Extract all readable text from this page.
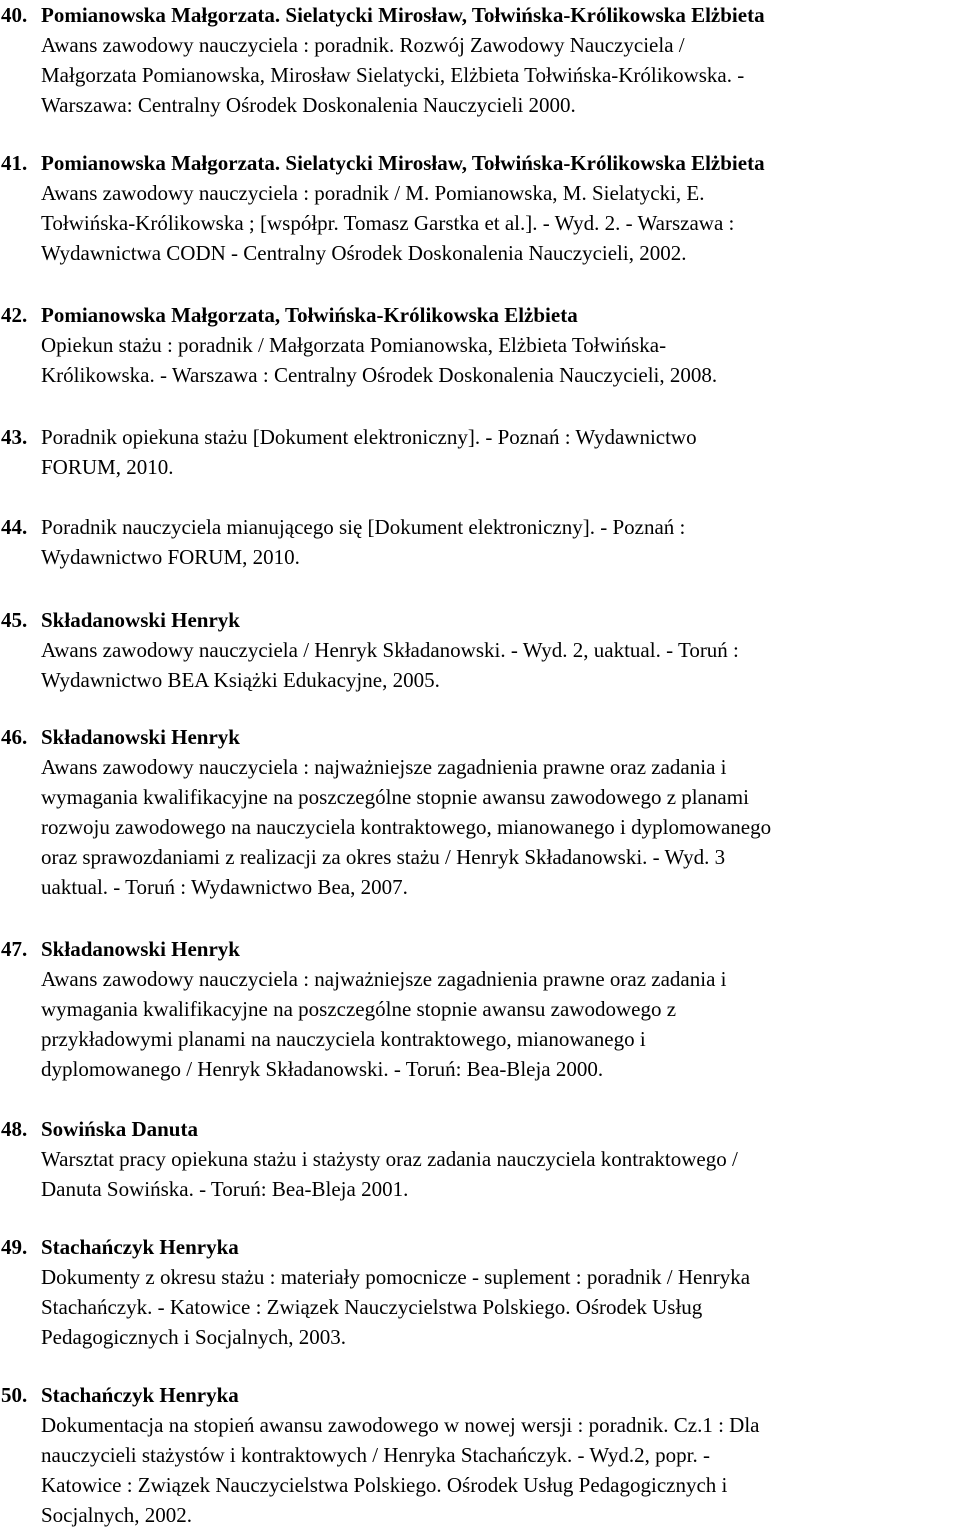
40. Pomianowska Małgorzata. Sielatycki Mirosław, Tołwińska-Królikowska Elżbieta
Awans zawodowy nauczyciela : poradnik. Rozwój Zawodowy Nauczyciela /
Małgorzata Pomianowska, Mirosław Sielatycki, Elżbieta Tołwińska-Królikowska. -
Warszawa: Centralny Ośrodek Doskonalenia Nauczycieli 2000.
41. Pomianowska Małgorzata. Sielatycki Mirosław, Tołwińska-Królikowska Elżbieta
Awans zawodowy nauczyciela : poradnik / M. Pomianowska, M. Sielatycki, E.
Tołwińska-Królikowska ; [współpr. Tomasz Garstka et al.]. - Wyd. 2. - Warszawa :
Wydawnictwa CODN - Centralny Ośrodek Doskonalenia Nauczycieli, 2002.
42. Pomianowska Małgorzata, Tołwińska-Królikowska Elżbieta
Opiekun stażu : poradnik / Małgorzata Pomianowska, Elżbieta Tołwińska-
Królikowska. - Warszawa : Centralny Ośrodek Doskonalenia Nauczycieli, 2008.
43. Poradnik opiekuna stażu [Dokument elektroniczny]. - Poznań : Wydawnictwo
FORUM, 2010.
44. Poradnik nauczyciela mianującego się [Dokument elektroniczny]. - Poznań :
Wydawnictwo FORUM, 2010.
45. Składanowski Henryk
Awans zawodowy nauczyciela / Henryk Składanowski. - Wyd. 2, uaktual. - Toruń :
Wydawnictwo BEA Książki Edukacyjne, 2005.
46. Składanowski Henryk
Awans zawodowy nauczyciela : najważniejsze zagadnienia prawne oraz zadania i
wymagania kwalifikacyjne na poszczególne stopnie awansu zawodowego z planami
rozwoju zawodowego na nauczyciela kontraktowego, mianowanego i dyplomowanego
oraz sprawozdaniami z realizacji za okres stażu / Henryk Składanowski. - Wyd. 3
uaktual. - Toruń : Wydawnictwo Bea, 2007.
47. Składanowski Henryk
Awans zawodowy nauczyciela : najważniejsze zagadnienia prawne oraz zadania i
wymagania kwalifikacyjne na poszczególne stopnie awansu zawodowego z
przykładowymi planami na nauczyciela kontraktowego, mianowanego i
dyplomowanego / Henryk Składanowski. - Toruń: Bea-Bleja 2000.
48. Sowińska Danuta
Warsztat pracy opiekuna stażu i stażysty oraz zadania nauczyciela kontraktowego /
Danuta Sowińska. - Toruń: Bea-Bleja 2001.
49. Stachańczyk Henryka
Dokumenty z okresu stażu : materiały pomocnicze - suplement : poradnik / Henryka
Stachańczyk. - Katowice : Związek Nauczycielstwa Polskiego. Ośrodek Usług
Pedagogicznych i Socjalnych, 2003.
50. Stachańczyk Henryka
Dokumentacja na stopień awansu zawodowego w nowej wersji : poradnik. Cz.1 : Dla
nauczycieli stażystów i kontraktowych / Henryka Stachańczyk. - Wyd.2, popr. -
Katowice : Związek Nauczycielstwa Polskiego. Ośrodek Usług Pedagogicznych i
Socjalnych, 2002.
